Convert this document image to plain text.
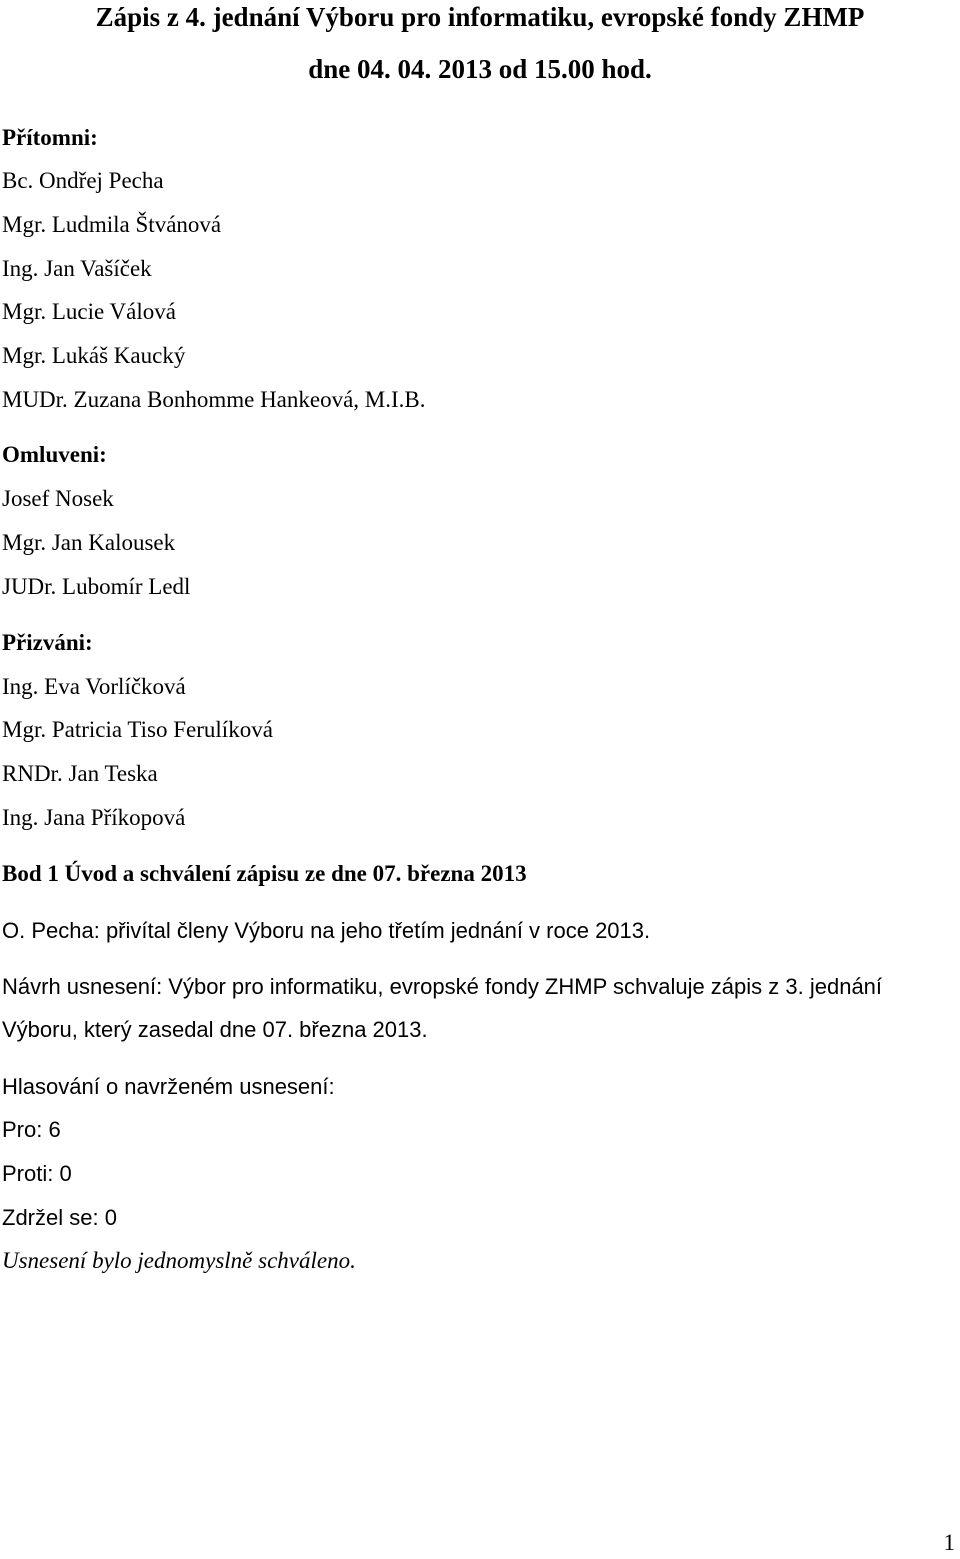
Zápis z 4. jednání Výboru pro informatiku, evropské fondy ZHMP
dne 04. 04. 2013 od 15.00 hod.
Přítomni:
Bc. Ondřej Pecha
Mgr. Ludmila Štvánová
Ing. Jan Vašíček
Mgr. Lucie Válová
Mgr. Lukáš Kaucký
MUDr. Zuzana Bonhomme Hankeová, M.I.B.
Omluveni:
Josef Nosek
Mgr. Jan Kalousek
JUDr. Lubomír Ledl
Přizváni:
Ing. Eva Vorlíčková
Mgr. Patricia Tiso Ferulíková
RNDr. Jan Teska
Ing. Jana Příkopová
Bod 1 Úvod a schválení zápisu ze dne 07. března 2013
O. Pecha: přivítal členy Výboru na jeho třetím jednání v roce 2013.
Návrh usnesení: Výbor pro informatiku, evropské fondy ZHMP schvaluje zápis z 3. jednání
Výboru, který zasedal dne 07. března 2013.
Hlasování o navrženém usnesení:
Pro: 6
Proti: 0
Zdržel se: 0
Usnesení bylo jednomyslně schváleno.
1
